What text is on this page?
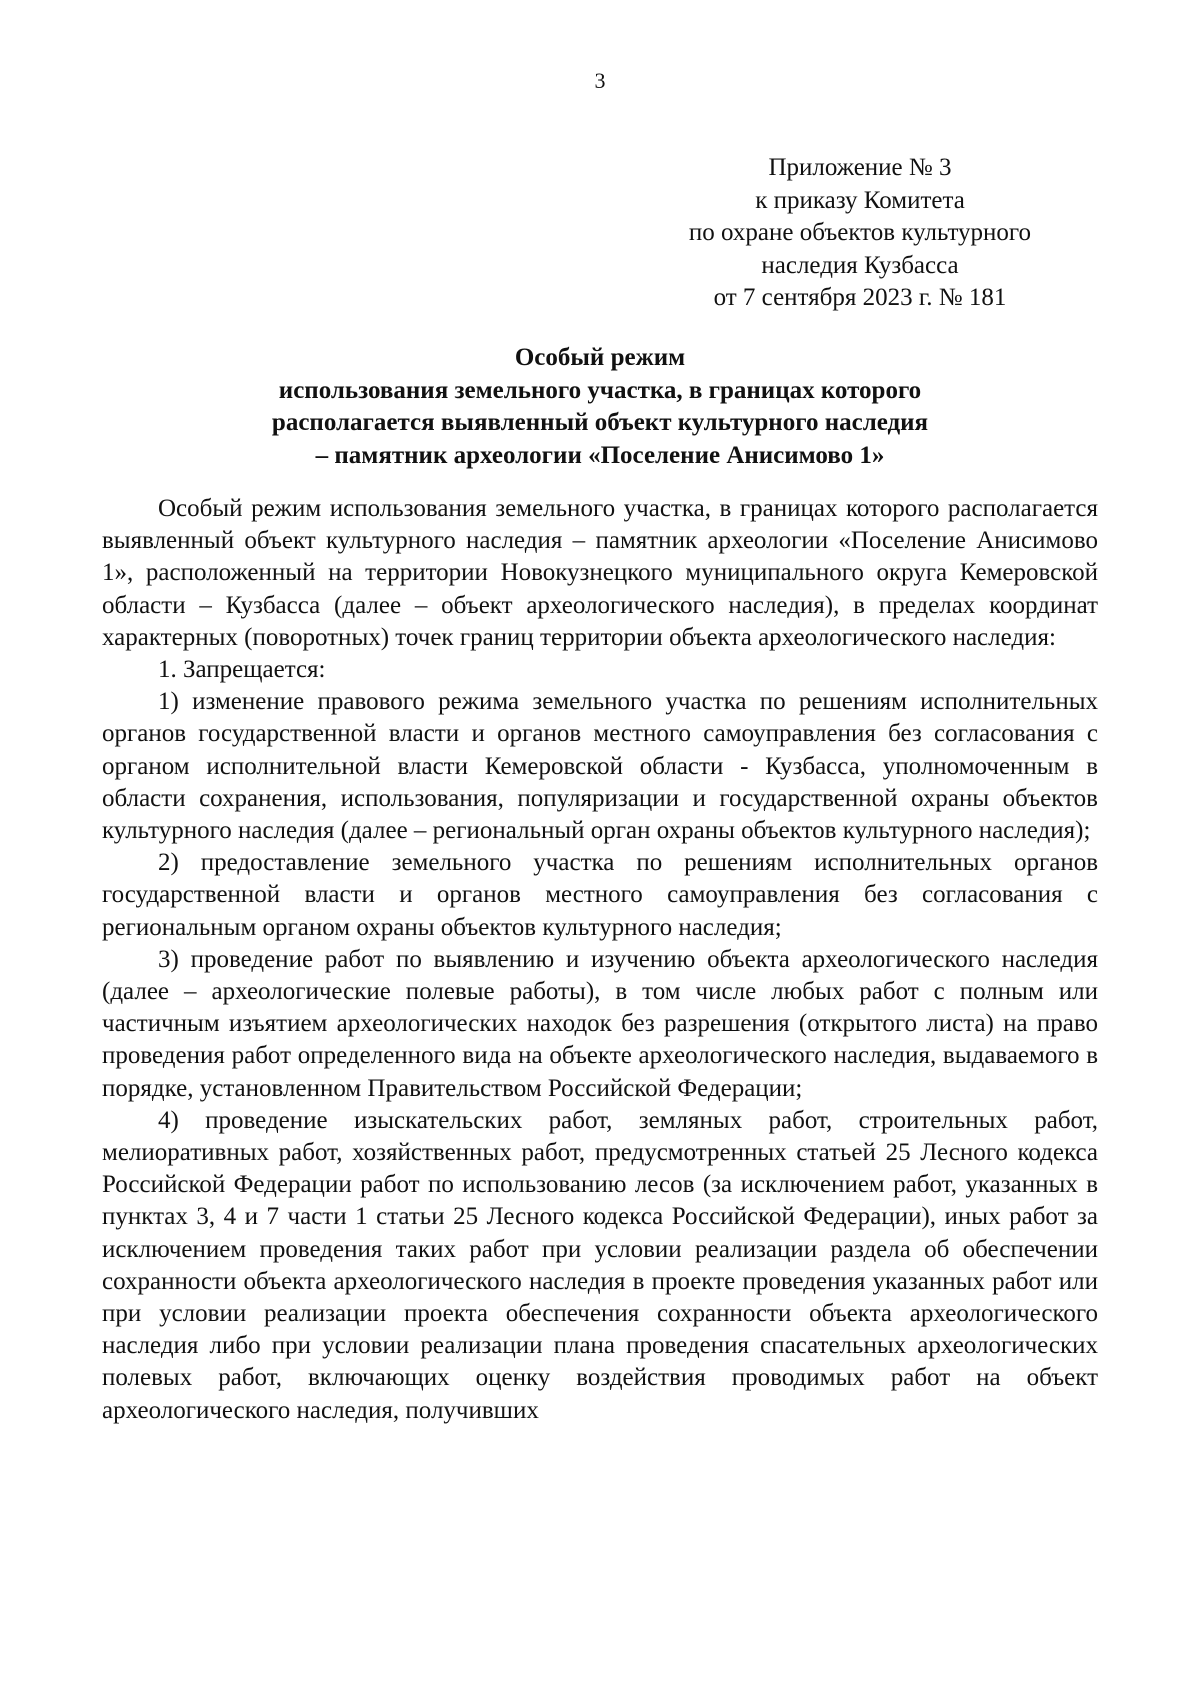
3
Приложение № 3
к приказу Комитета
по охране объектов культурного
наследия Кузбасса
от 7 сентября 2023 г. № 181
Особый режим
использования земельного участка, в границах которого
располагается выявленный объект культурного наследия
– памятник археологии «Поселение Анисимово 1»

Особый режим использования земельного участка, в границах которого располагается выявленный объект культурного наследия – памятник археологии «Поселение Анисимово 1», расположенный на территории Новокузнецкого муниципального округа Кемеровской области – Кузбасса (далее – объект археологического наследия), в пределах координат характерных (поворотных) точек границ территории объекта археологического наследия:

1. Запрещается:

1) изменение правового режима земельного участка по решениям исполнительных органов государственной власти и органов местного самоуправления без согласования с органом исполнительной власти Кемеровской области - Кузбасса, уполномоченным в области сохранения, использования, популяризации и государственной охраны объектов культурного наследия (далее – региональный орган охраны объектов культурного наследия);

2) предоставление земельного участка по решениям исполнительных органов государственной власти и органов местного самоуправления без согласования с региональным органом охраны объектов культурного наследия;

3) проведение работ по выявлению и изучению объекта археологического наследия (далее – археологические полевые работы), в том числе любых работ с полным или частичным изъятием археологических находок без разрешения (открытого листа) на право проведения работ определенного вида на объекте археологического наследия, выдаваемого в порядке, установленном Правительством Российской Федерации;

4) проведение изыскательских работ, земляных работ, строительных работ, мелиоративных работ, хозяйственных работ, предусмотренных статьей 25 Лесного кодекса Российской Федерации работ по использованию лесов (за исключением работ, указанных в пунктах 3, 4 и 7 части 1 статьи 25 Лесного кодекса Российской Федерации), иных работ за исключением проведения таких работ при условии реализации раздела об обеспечении сохранности объекта археологического наследия в проекте проведения указанных работ или при условии реализации проекта обеспечения сохранности объекта археологического наследия либо при условии реализации плана проведения спасательных археологических полевых работ, включающих оценку воздействия проводимых работ на объект археологического наследия, получивших
